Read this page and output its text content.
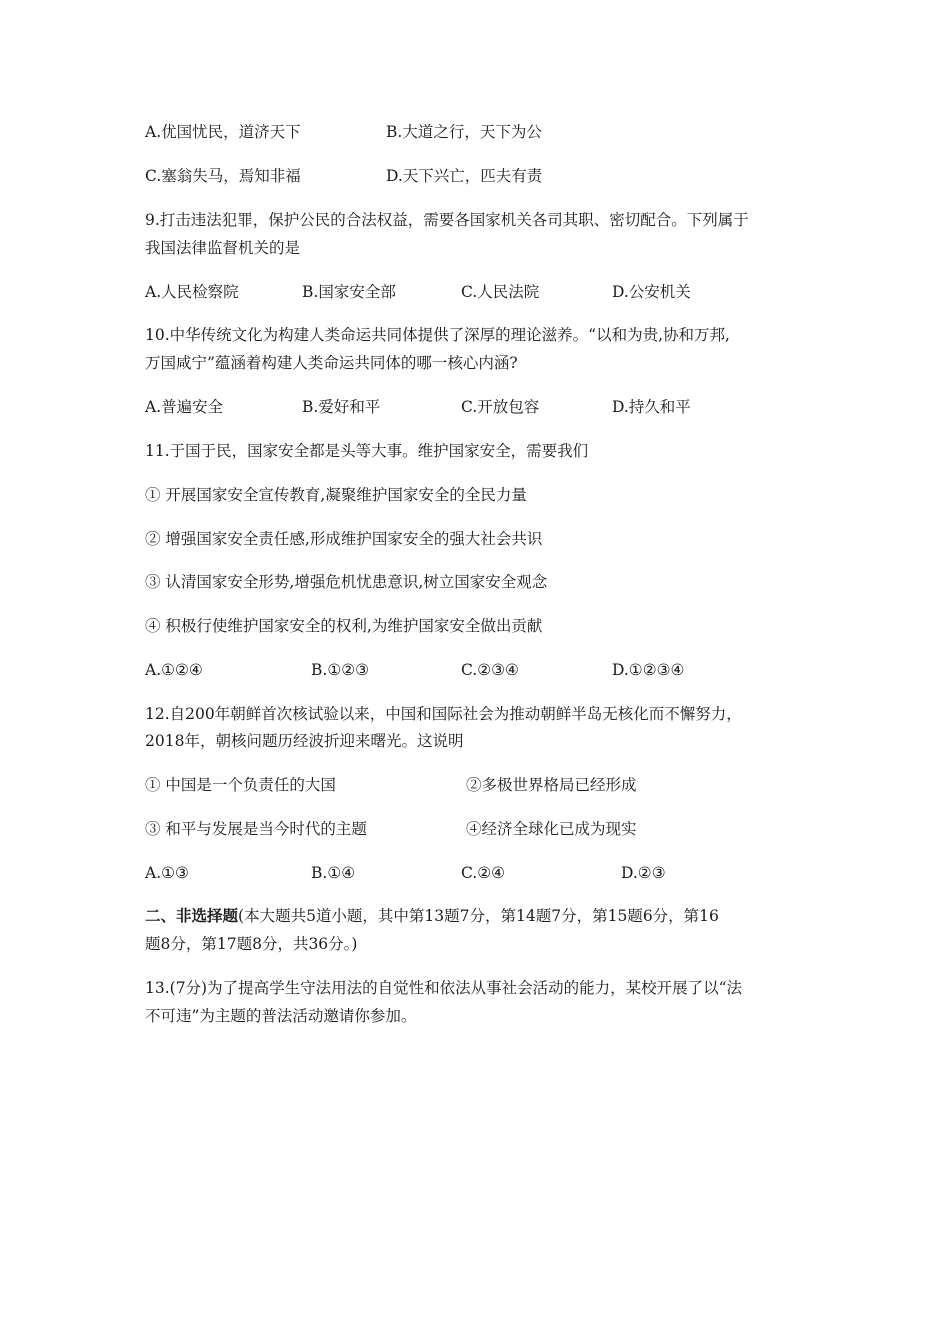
A.优国忧民，道济天下	B.大道之行，天下为公
C.塞翁失马，焉知非福	D.天下兴亡，匹夫有责
9.打击违法犯罪，保护公民的合法权益，需要各国家机关各司其职、密切配合。下列属于
我国法律监督机关的是
A.人民检察院	B.国家安全部	C.人民法院	D.公安机关
10.中华传统文化为构建人类命运共同体提供了深厚的理论滋养。“以和为贵,协和万邦,
万国咸宁”蕴涵着构建人类命运共同体的哪一核心内涵?
A.普遍安全	B.爱好和平	C.开放包容	D.持久和平
11.于国于民，国家安全都是头等大事。维护国家安全，需要我们
① 开展国家安全宣传教育,凝聚维护国家安全的全民力量
② 增强国家安全责任感,形成维护国家安全的强大社会共识
③ 认清国家安全形势,增强危机忧患意识,树立国家安全观念
④ 积极行使维护国家安全的权利,为维护国家安全做出贡献
A.①②④	B.①②③	C.②③④	D.①②③④
12.自200年朝鲜首次核试验以来，中国和国际社会为推动朝鲜半岛无核化而不懈努力，
2018年，朝核问题历经波折迎来曙光。这说明
① 中国是一个负责任的大国	②多极世界格局已经形成
③ 和平与发展是当今时代的主题	④经济全球化已成为现实
A.①③	B.①④	C.②④	D.②③
二、非选择题(本大题共5道小题，其中第13题7分，第14题7分，第15题6分，第16
题8分，第17题8分，共36分。)
13.(7分)为了提高学生守法用法的自觉性和依法从事社会活动的能力，某校开展了以“法
不可违”为主题的普法活动邀请你参加。
